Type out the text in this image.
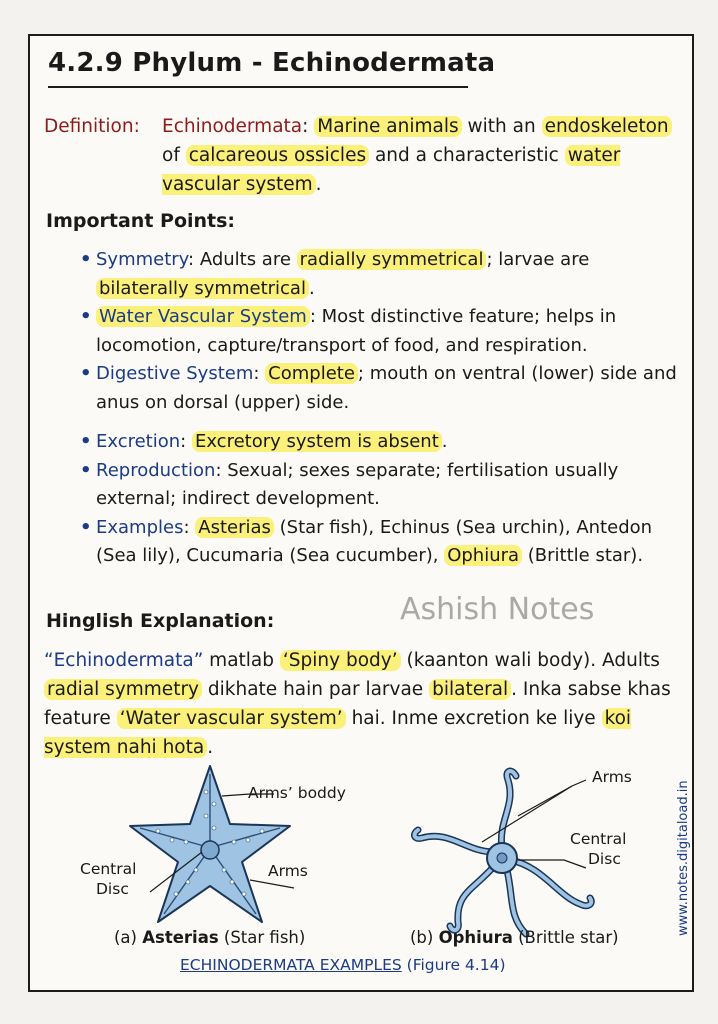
4.2.9 Phylum - Echinodermata
Definition: Echinodermata: Marine animals with an endoskeleton of calcareous ossicles and a characteristic water vascular system .
Important Points:

• Symmetry: Adults are radially symmetrical ; larvae are bilaterally symmetrical .

• Water Vascular System : Most distinctive feature; helps in locomotion, capture/transport of food, and respiration.

• Digestive System: Complete ; mouth on ventral (lower) side and anus on dorsal (upper) side.

• Excretion: Excretory system is absent .

• Reproduction: Sexual; sexes separate; fertilisation usually external; indirect development.

• Examples: Asterias (Star fish), Echinus (Sea urchin), Antedon (Sea lily), Cucumaria (Sea cucumber), Ophiura (Brittle star).

Ashish Notes
Hinglish Explanation:
“Echinodermata” matlab ‘Spiny body’ (kaanton wali body). Adults radial symmetry dikhate hain par larvae bilateral . Inka sabse khas feature ‘Water vascular system’ hai. Inme excretion ke liye koi system nahi hota .
www.notes.digitaload.in
Arms’ boddy
Central
Disc
Arms
Arms
Central
Disc
(a) Asterias (Star fish)	(b) Ophiura (Brittle star)
ECHINODERMATA EXAMPLES (Figure 4.14)
